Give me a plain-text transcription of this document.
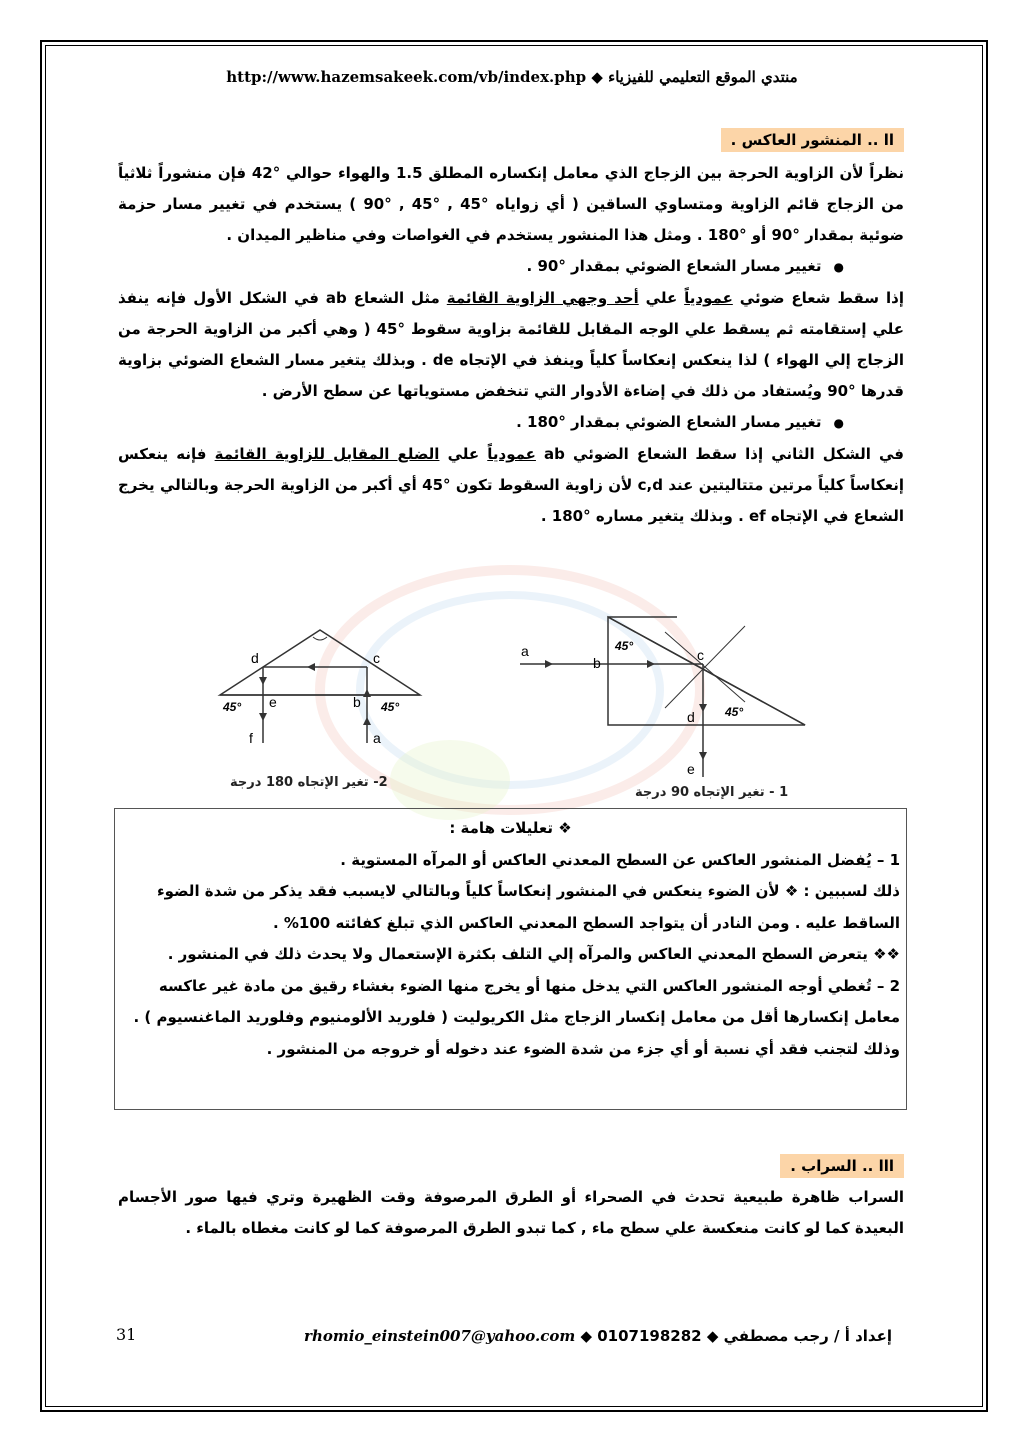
http://www.hazemsakeek.com/vb/index.php ◆ منتدي الموقع التعليمي للفيزياء
اا .. المنشور العاكس .

نظراً لأن الزاوية الحرجة بين الزجاج الذي معامل إنكساره المطلق 1.5 والهواء حوالي °42 فإن منشوراً ثلاثياً من الزجاج قائم الزاوية ومتساوي الساقين ( أي زواياه °45 , °45 , °90 ) يستخدم في تغيير مسار حزمة ضوئية بمقدار °90 أو °180 . ومثل هذا المنشور يستخدم في الغواصات وفي مناظير الميدان .

● تغيير مسار الشعاع الضوئي بمقدار °90 .

إذا سقط شعاع ضوئي عمودياً علي أحد وجهي الزاوية القائمة مثل الشعاع ab في الشكل الأول فإنه ينفذ علي إستقامته ثم يسقط علي الوجه المقابل للقائمة بزاوية سقوط °45 ( وهي أكبر من الزاوية الحرجة من الزجاج إلي الهواء ) لذا ينعكس إنعكاساً كلياً وينفذ في الإتجاه de . وبذلك يتغير مسار الشعاع الضوئي بزاوية قدرها °90 ويُستفاد من ذلك في إضاءة الأدوار التي تنخفض مستوياتها عن سطح الأرض .

● تغيير مسار الشعاع الضوئي بمقدار °180 .

في الشكل الثاني إذا سقط الشعاع الضوئي ab عمودياً علي الضلع المقابل للزاوية القائمة فإنه ينعكس إنعكاساً كلياً مرتين متتاليتين عند c,d لأن زاوية السقوط تكون °45 أي أكبر من الزاوية الحرجة وبالتالي يخرج الشعاع في الإتجاه ef . وبذلك يتغير مساره °180 .

d	c
e	b
f	a
45°	45°
2- تغير الإتجاه 180 درجة
a
b	c
d
e
45°
45°
1 - تغير الإتجاه 90 درجة

❖ تعليلات هامة :

1 – يُفضل المنشور العاكس عن السطح المعدني العاكس أو المرآه المستوية .

ذلك لسببين : ❖ لأن الضوء ينعكس في المنشور إنعكاساً كلياً وبالتالي لايسبب فقد يذكر من شدة الضوء الساقط عليه . ومن النادر أن يتواجد السطح المعدني العاكس الذي تبلغ كفائته 100% .

❖❖ يتعرض السطح المعدني العاكس والمرآه إلي التلف بكثرة الإستعمال ولا يحدث ذلك في المنشور .

2 – تُغطي أوجه المنشور العاكس التي يدخل منها أو يخرج منها الضوء بغشاء رقيق من مادة غير عاكسه معامل إنكسارها أقل من معامل إنكسار الزجاج مثل الكريوليت ( فلوريد الألومنيوم وفلوريد الماغنسيوم ) .

وذلك لتجنب فقد أي نسبة أو أي جزء من شدة الضوء عند دخوله أو خروجه من المنشور .

ااا .. السراب .

السراب ظاهرة طبيعية تحدث في الصحراء أو الطرق المرصوفة وقت الظهيرة وتري فيها صور الأجسام البعيدة كما لو كانت منعكسة علي سطح ماء , كما تبدو الطرق المرصوفة كما لو كانت مغطاه بالماء .

31	إعداد أ / رجب مصطفي ◆ 0107198282 ◆ rhomio_einstein007@yahoo.com
